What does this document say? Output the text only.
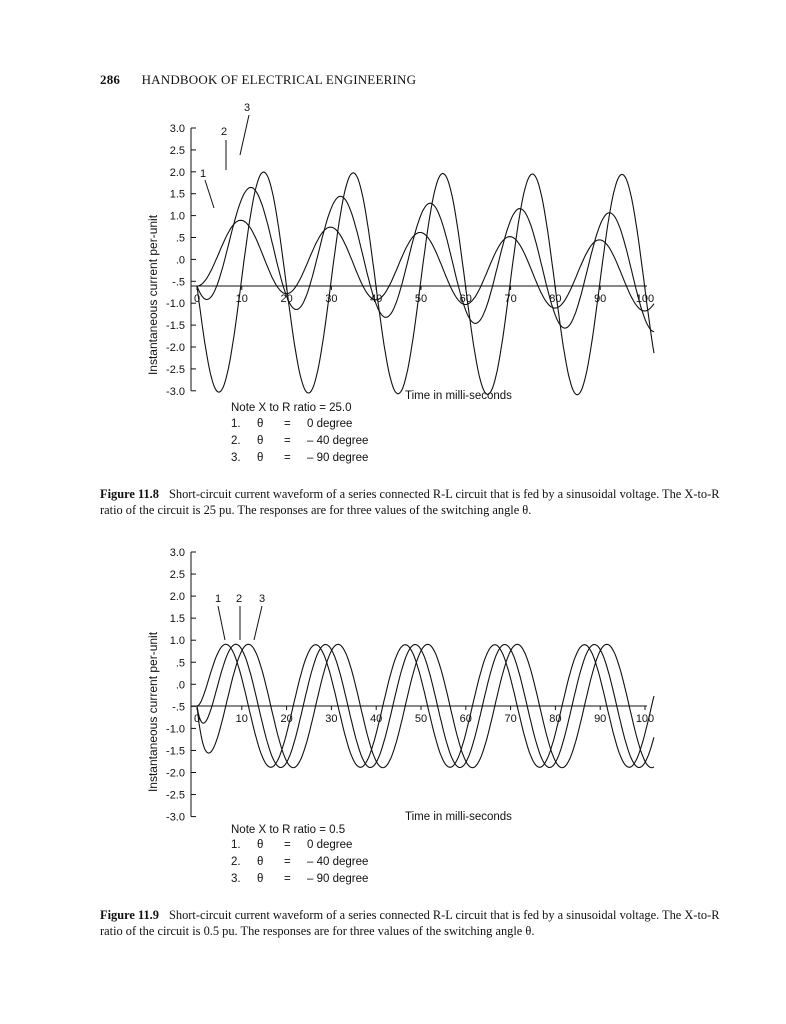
286 HANDBOOK OF ELECTRICAL ENGINEERING
3.0
2.5
2.0
1.5
1.0
.5
.0
-.5
-1.0
-1.5
-2.0
-2.5
-3.0
0	10	20	30	40	50	60	70	80	90	100
1
2
3
Instantaneous current per-unit
Time in milli-seconds
Note X to R ratio = 25.0
1. θ = 0 degree
2. θ = – 40 degree
3. θ = – 90 degree
Figure 11.8 Short-circuit current waveform of a series connected R-L circuit that is fed by a sinusoidal voltage. The X-to-R ratio of the circuit is 25 pu. The responses are for three values of the switching angle θ.
3.0
2.5
2.0
1.5
1.0
.5
.0
-.5
-1.0
-1.5
-2.0
-2.5
-3.0
0	10	20	30	40	50	60	70	80	90	100
1 2 3
Instantaneous current per-unit
Time in milli-seconds
Note X to R ratio = 0.5
1. θ = 0 degree
2. θ = – 40 degree
3. θ = – 90 degree
Figure 11.9 Short-circuit current waveform of a series connected R-L circuit that is fed by a sinusoidal voltage. The X-to-R ratio of the circuit is 0.5 pu. The responses are for three values of the switching angle θ.
